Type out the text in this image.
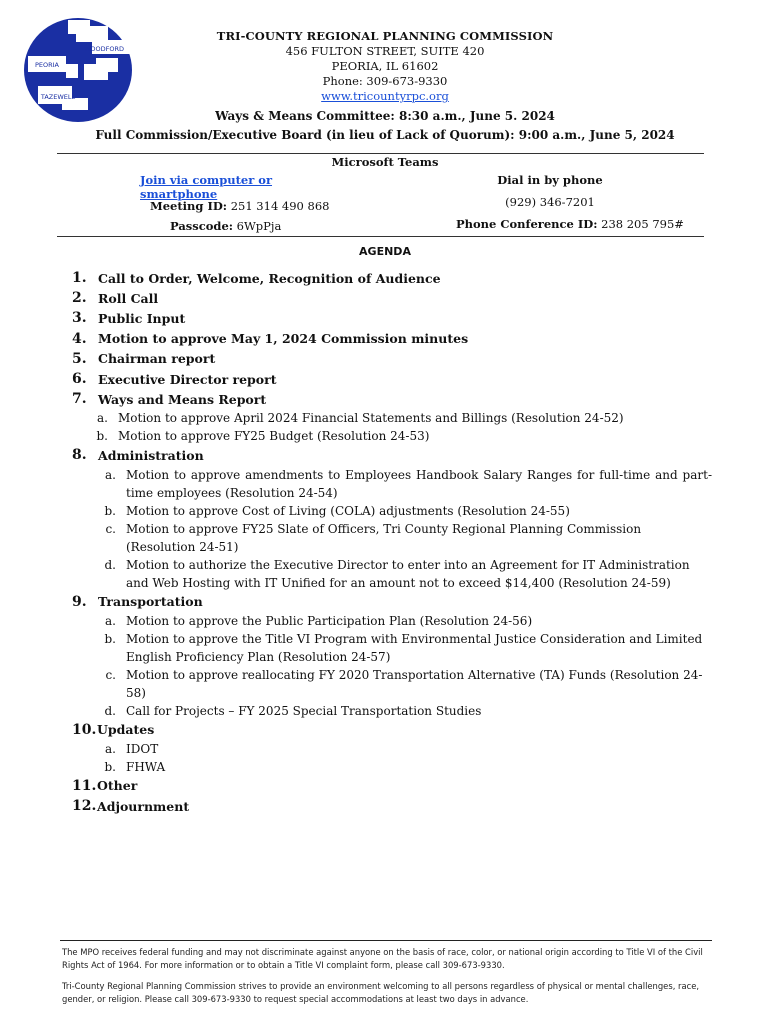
WOODFORD
PEORIA
TAZEWELL
TRI-COUNTY REGIONAL PLANNING COMMISSION
456 FULTON STREET, SUITE 420
PEORIA, IL 61602
Phone: 309-673-9330
www.tricountyrpc.org
Ways & Means Committee: 8:30 a.m., June 5. 2024
Full Commission/Executive Board (in lieu of Lack of Quorum): 9:00 a.m., June 5, 2024
Microsoft Teams
Join via computer or smartphone
Dial in by phone
(929) 346-7201
Meeting ID: 251 314 490 868
Phone Conference ID: 238 205 795#
Passcode: 6WpPja
AGENDA
1. Call to Order, Welcome, Recognition of Audience
2. Roll Call
3. Public Input
4. Motion to approve May 1, 2024 Commission minutes
5. Chairman report
6. Executive Director report
7. Ways and Means Report
a. Motion to approve April 2024 Financial Statements and Billings (Resolution 24-52)
b. Motion to approve FY25 Budget (Resolution 24-53)
8. Administration
a. Motion to approve amendments to Employees Handbook Salary Ranges for full-time and part-time employees (Resolution 24-54)
b. Motion to approve Cost of Living (COLA) adjustments (Resolution 24-55)
c. Motion to approve FY25 Slate of Officers, Tri County Regional Planning Commission (Resolution 24-51)
d. Motion to authorize the Executive Director to enter into an Agreement for IT Administration and Web Hosting with IT Unified for an amount not to exceed $14,400 (Resolution 24-59)
9. Transportation
a. Motion to approve the Public Participation Plan (Resolution 24-56)
b. Motion to approve the Title VI Program with Environmental Justice Consideration and Limited English Proficiency Plan (Resolution 24-57)
c. Motion to approve reallocating FY 2020 Transportation Alternative (TA) Funds (Resolution 24-58)
d. Call for Projects – FY 2025 Special Transportation Studies
10. Updates
a. IDOT
b. FHWA
11. Other
12. Adjournment
The MPO receives federal funding and may not discriminate against anyone on the basis of race, color, or national origin according to Title VI of the Civil Rights Act of 1964. For more information or to obtain a Title VI complaint form, please call 309-673-9330.
Tri-County Regional Planning Commission strives to provide an environment welcoming to all persons regardless of physical or mental challenges, race, gender, or religion. Please call 309-673-9330 to request special accommodations at least two days in advance.
